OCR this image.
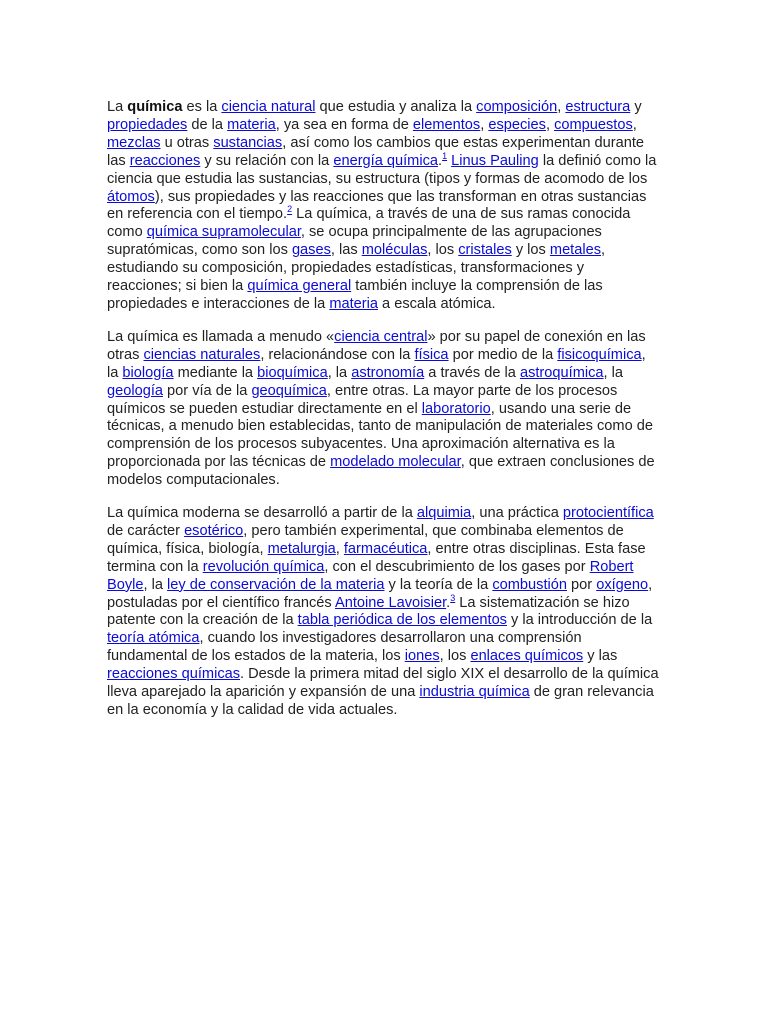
La química es la ciencia natural que estudia y analiza la composición, estructura y propiedades de la materia, ya sea en forma de elementos, especies, compuestos, mezclas u otras sustancias, así como los cambios que estas experimentan durante las reacciones y su relación con la energía química.$^1$ Linus Pauling la definió como la ciencia que estudia las sustancias, su estructura (tipos y formas de acomodo de los átomos), sus propiedades y las reacciones que las transforman en otras sustancias en referencia con el tiempo.$^2$ La química, a través de una de sus ramas conocida como química supramolecular, se ocupa principalmente de las agrupaciones supratómicas, como son los gases, las moléculas, los cristales y los metales, estudiando su composición, propiedades estadísticas, transformaciones y reacciones; si bien la química general también incluye la comprensión de las propiedades e interacciones de la materia a escala atómica.

La química es llamada a menudo «ciencia central» por su papel de conexión en las otras ciencias naturales, relacionándose con la física por medio de la fisicoquímica, la biología mediante la bioquímica, la astronomía a través de la astroquímica, la geología por vía de la geoquímica, entre otras. La mayor parte de los procesos químicos se pueden estudiar directamente en el laboratorio, usando una serie de técnicas, a menudo bien establecidas, tanto de manipulación de materiales como de comprensión de los procesos subyacentes. Una aproximación alternativa es la proporcionada por las técnicas de modelado molecular, que extraen conclusiones de modelos computacionales.

La química moderna se desarrolló a partir de la alquimia, una práctica protocientífica de carácter esotérico, pero también experimental, que combinaba elementos de química, física, biología, metalurgia, farmacéutica, entre otras disciplinas. Esta fase termina con la revolución química, con el descubrimiento de los gases por Robert Boyle, la ley de conservación de la materia y la teoría de la combustión por oxígeno, postuladas por el científico francés Antoine Lavoisier.$^3$ La sistematización se hizo patente con la creación de la tabla periódica de los elementos y la introducción de la teoría atómica, cuando los investigadores desarrollaron una comprensión fundamental de los estados de la materia, los iones, los enlaces químicos y las reacciones químicas. Desde la primera mitad del siglo XIX el desarrollo de la química lleva aparejado la aparición y expansión de una industria química de gran relevancia en la economía y la calidad de vida actuales.
